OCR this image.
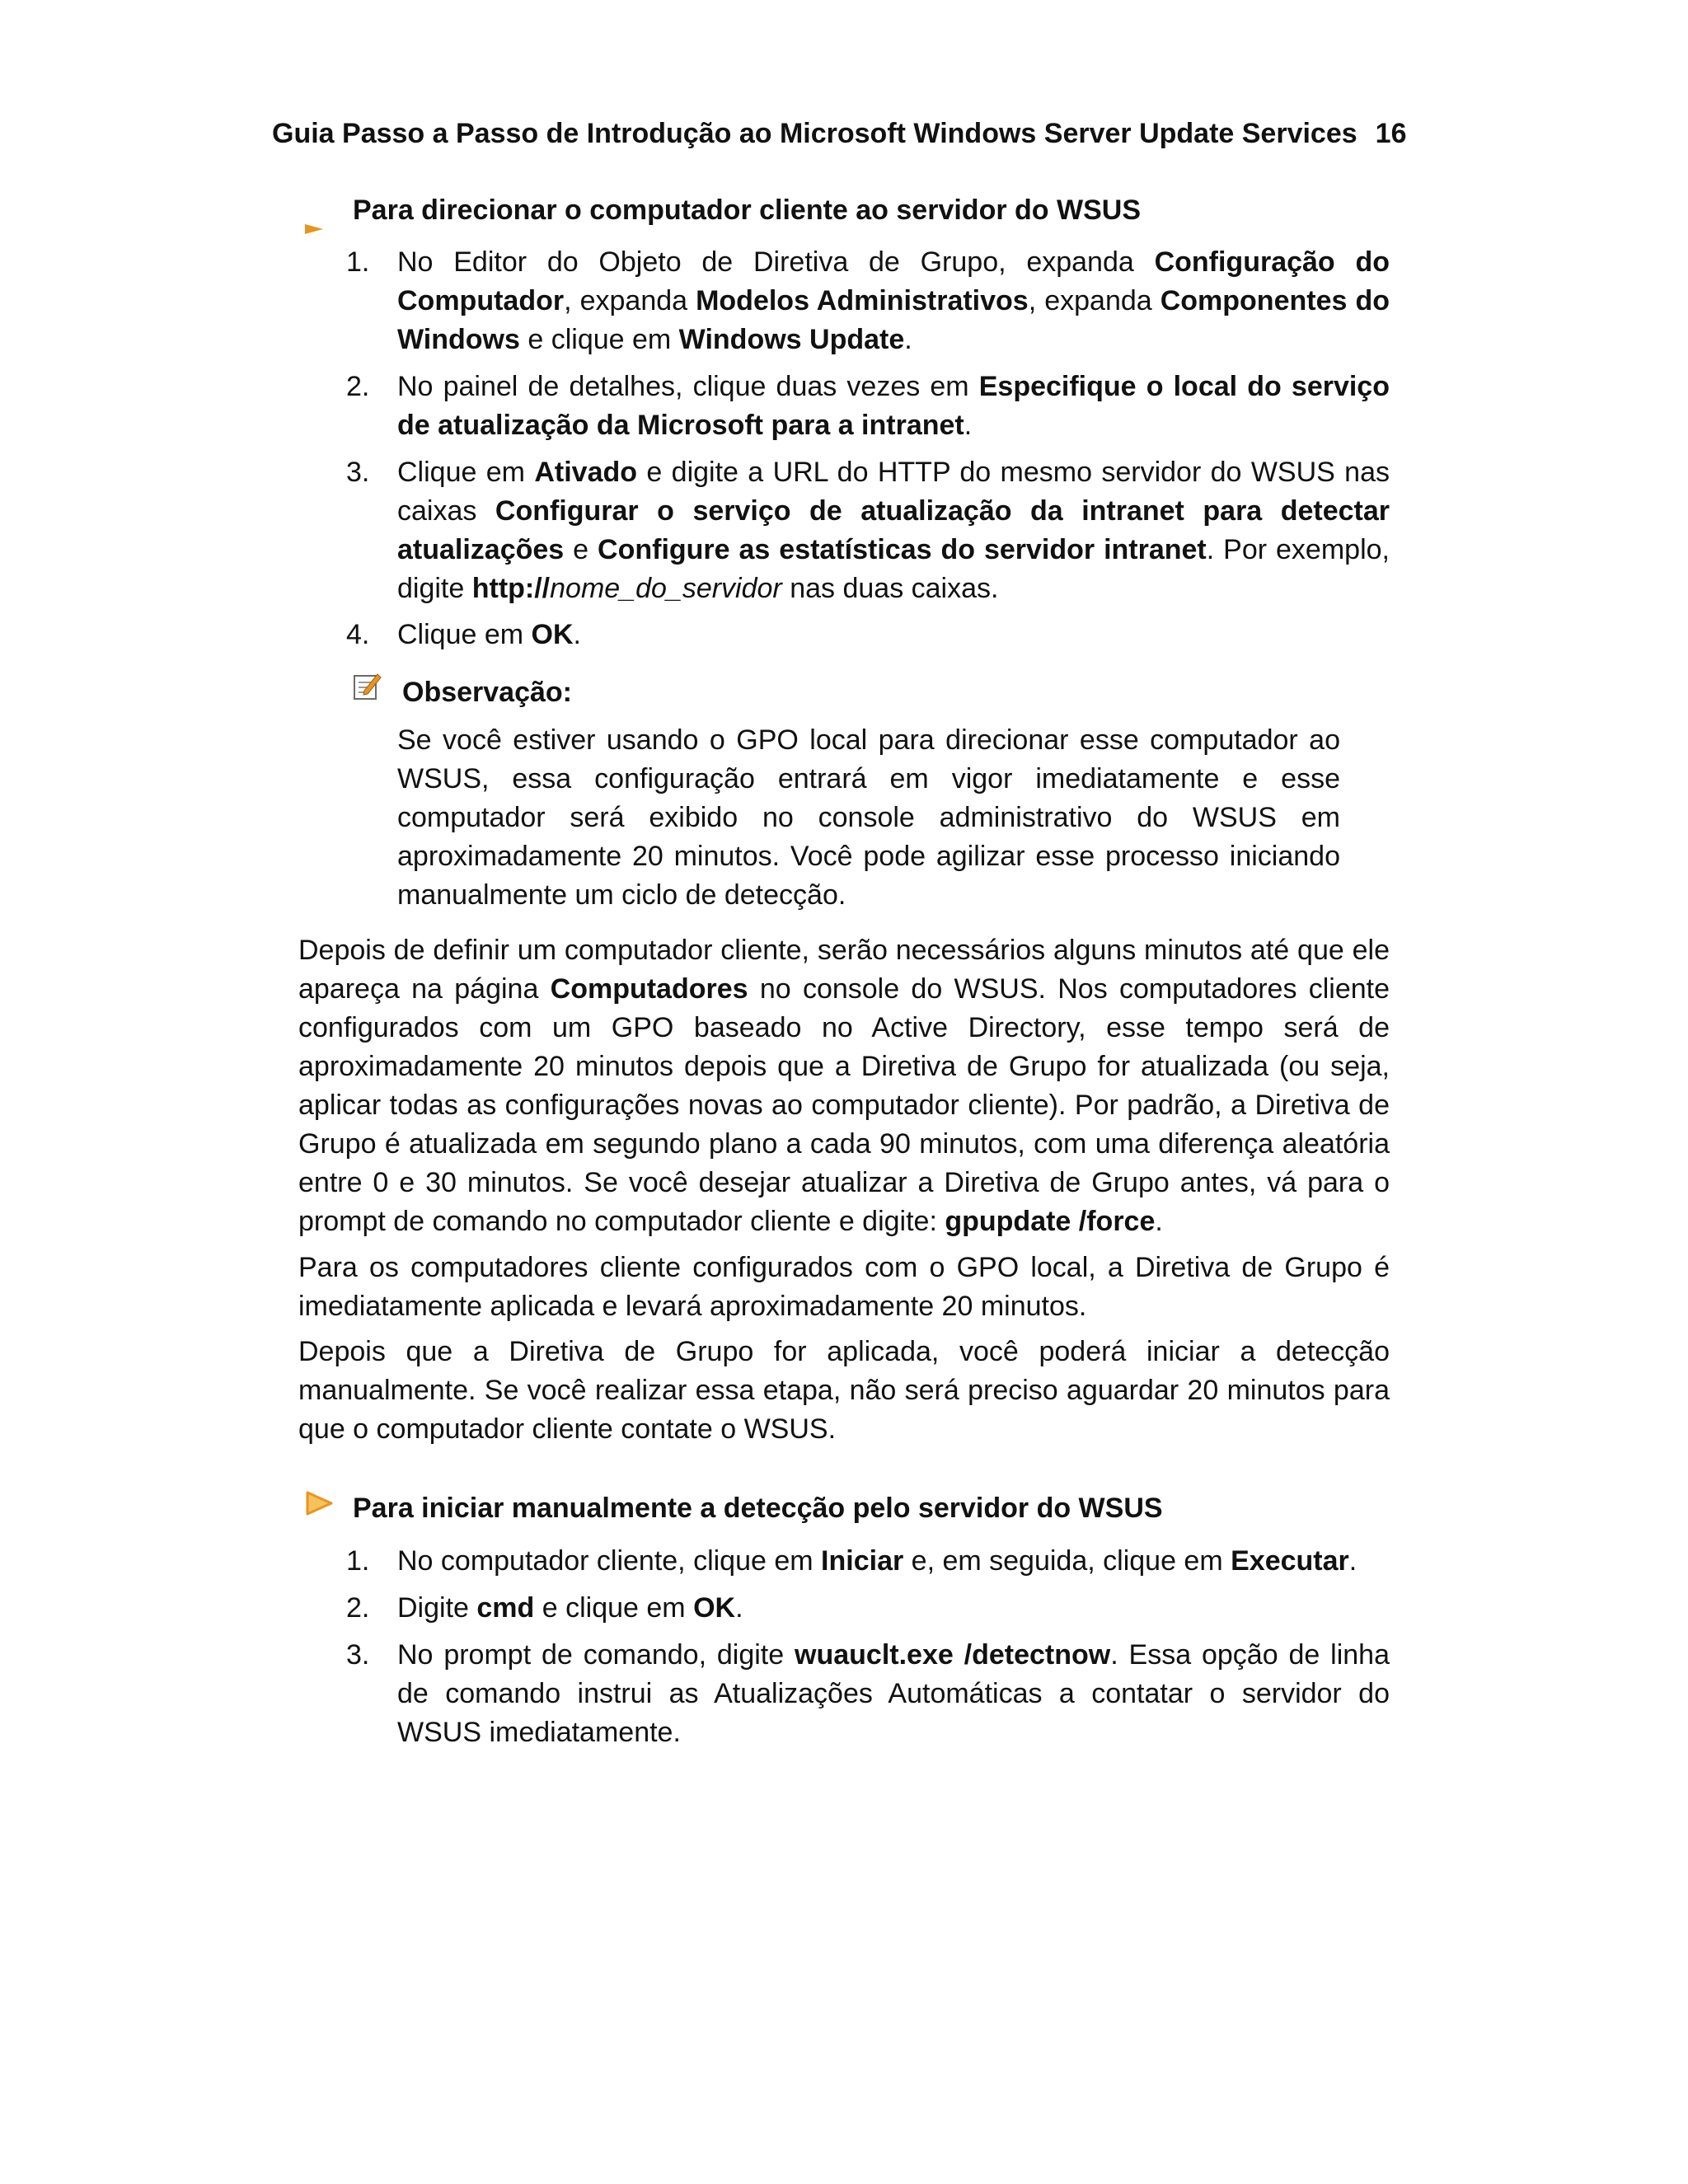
Guia Passo a Passo de Introdução ao Microsoft Windows Server Update Services 16
Para direcionar o computador cliente ao servidor do WSUS
1. No Editor do Objeto de Diretiva de Grupo, expanda Configuração do Computador, expanda Modelos Administrativos, expanda Componentes do Windows e clique em Windows Update.
2. No painel de detalhes, clique duas vezes em Especifique o local do serviço de atualização da Microsoft para a intranet.
3. Clique em Ativado e digite a URL do HTTP do mesmo servidor do WSUS nas caixas Configurar o serviço de atualização da intranet para detectar atualizações e Configure as estatísticas do servidor intranet. Por exemplo, digite http://nome_do_servidor nas duas caixas.
4. Clique em OK.
Observação:
Se você estiver usando o GPO local para direcionar esse computador ao WSUS, essa configuração entrará em vigor imediatamente e esse computador será exibido no console administrativo do WSUS em aproximadamente 20 minutos. Você pode agilizar esse processo iniciando manualmente um ciclo de detecção.
Depois de definir um computador cliente, serão necessários alguns minutos até que ele apareça na página Computadores no console do WSUS. Nos computadores cliente configurados com um GPO baseado no Active Directory, esse tempo será de aproximadamente 20 minutos depois que a Diretiva de Grupo for atualizada (ou seja, aplicar todas as configurações novas ao computador cliente). Por padrão, a Diretiva de Grupo é atualizada em segundo plano a cada 90 minutos, com uma diferença aleatória entre 0 e 30 minutos. Se você desejar atualizar a Diretiva de Grupo antes, vá para o prompt de comando no computador cliente e digite: gpupdate /force.
Para os computadores cliente configurados com o GPO local, a Diretiva de Grupo é imediatamente aplicada e levará aproximadamente 20 minutos.
Depois que a Diretiva de Grupo for aplicada, você poderá iniciar a detecção manualmente. Se você realizar essa etapa, não será preciso aguardar 20 minutos para que o computador cliente contate o WSUS.
Para iniciar manualmente a detecção pelo servidor do WSUS
1. No computador cliente, clique em Iniciar e, em seguida, clique em Executar.
2. Digite cmd e clique em OK.
3. No prompt de comando, digite wuauclt.exe /detectnow. Essa opção de linha de comando instrui as Atualizações Automáticas a contatar o servidor do WSUS imediatamente.
